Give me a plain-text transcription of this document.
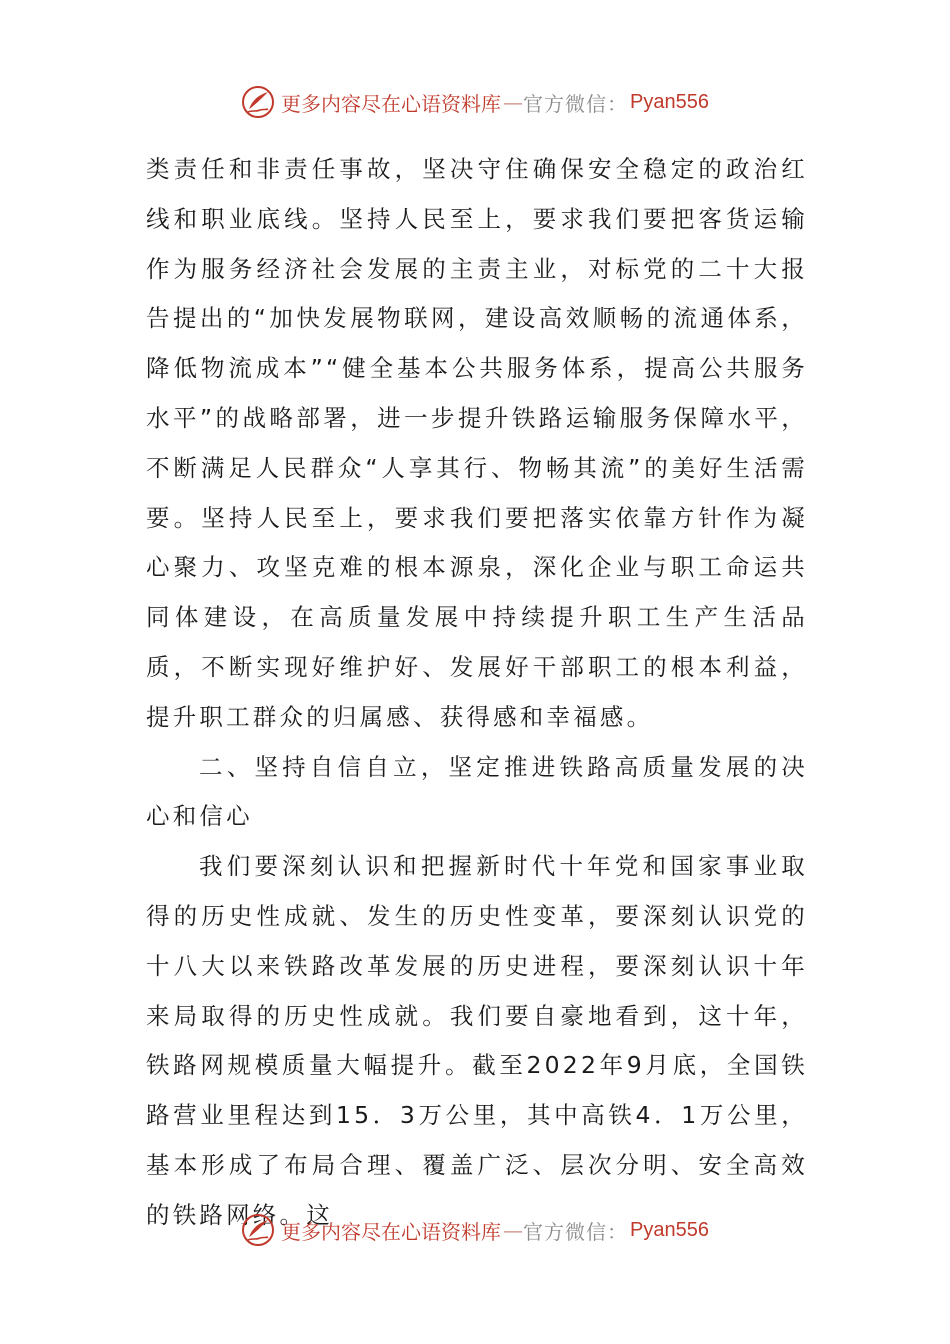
更多内容尽在心语资料库 — 官方微信： Pyan556

类责任和非责任事故，坚决守住确保安全稳定的政治红线和职业底线。坚持人民至上，要求我们要把客货运输作为服务经济社会发展的主责主业，对标党的二十大报告提出的“加快发展物联网，建设高效顺畅的流通体系，降低物流成本”“健全基本公共服务体系，提高公共服务水平”的战略部署，进一步提升铁路运输服务保障水平，不断满足人民群众“人享其行、物畅其流”的美好生活需要。坚持人民至上，要求我们要把落实依靠方针作为凝心聚力、攻坚克难的根本源泉，深化企业与职工命运共同体建设，在高质量发展中持续提升职工生产生活品质，不断实现好维护好、发展好干部职工的根本利益，提升职工群众的归属感、获得感和幸福感。

二、坚持自信自立，坚定推进铁路高质量发展的决心和信心

我们要深刻认识和把握新时代十年党和国家事业取得的历史性成就、发生的历史性变革，要深刻认识党的十八大以来铁路改革发展的历史进程，要深刻认识十年来局取得的历史性成就。我们要自豪地看到，这十年，铁路网规模质量大幅提升。截至2022年9月底，全国铁路营业里程达到15．3万公里，其中高铁4．1万公里，基本形成了布局合理、覆盖广泛、层次分明、安全高效的铁路网络。这

更多内容尽在心语资料库 — 官方微信： Pyan556
